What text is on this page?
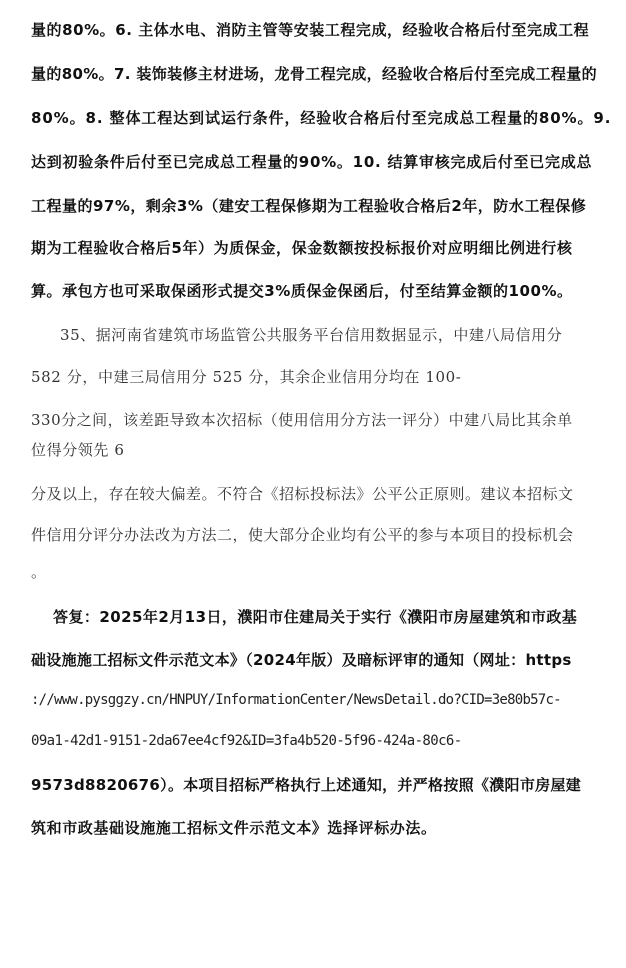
量的80%。6. 主体水电、消防主管等安装工程完成，经验收合格后付至完成工程
量的80%。7. 装饰装修主材进场，龙骨工程完成，经验收合格后付至完成工程量的
80%。8. 整体工程达到试运行条件，经验收合格后付至完成总工程量的80%。9.
达到初验条件后付至已完成总工程量的90%。10. 结算审核完成后付至已完成总
工程量的97%，剩余3%（建安工程保修期为工程验收合格后2年，防水工程保修
期为工程验收合格后5年）为质保金，保金数额按投标报价对应明细比例进行核
算。承包方也可采取保函形式提交3%质保金保函后，付至结算金额的100%。
35、据河南省建筑市场监管公共服务平台信用数据显示，中建八局信用分
582 分，中建三局信用分 525 分，其余企业信用分均在 100-
330分之间，该差距导致本次招标（使用信用分方法一评分）中建八局比其余单
位得分领先 6
分及以上，存在较大偏差。不符合《招标投标法》公平公正原则。建议本招标文
件信用分评分办法改为方法二，使大部分企业均有公平的参与本项目的投标机会
。
答复：2025年2月13日，濮阳市住建局关于实行《濮阳市房屋建筑和市政基
础设施施工招标文件示范文本》（2024年版）及暗标评审的通知（网址：https
://www.pysggzy.cn/HNPUY/InformationCenter/NewsDetail.do?CID=3e80b57c-
09a1-42d1-9151-2da67ee4cf92&ID=3fa4b520-5f96-424a-80c6-
9573d8820676）。本项目招标严格执行上述通知，并严格按照《濮阳市房屋建
筑和市政基础设施施工招标文件示范文本》选择评标办法。
